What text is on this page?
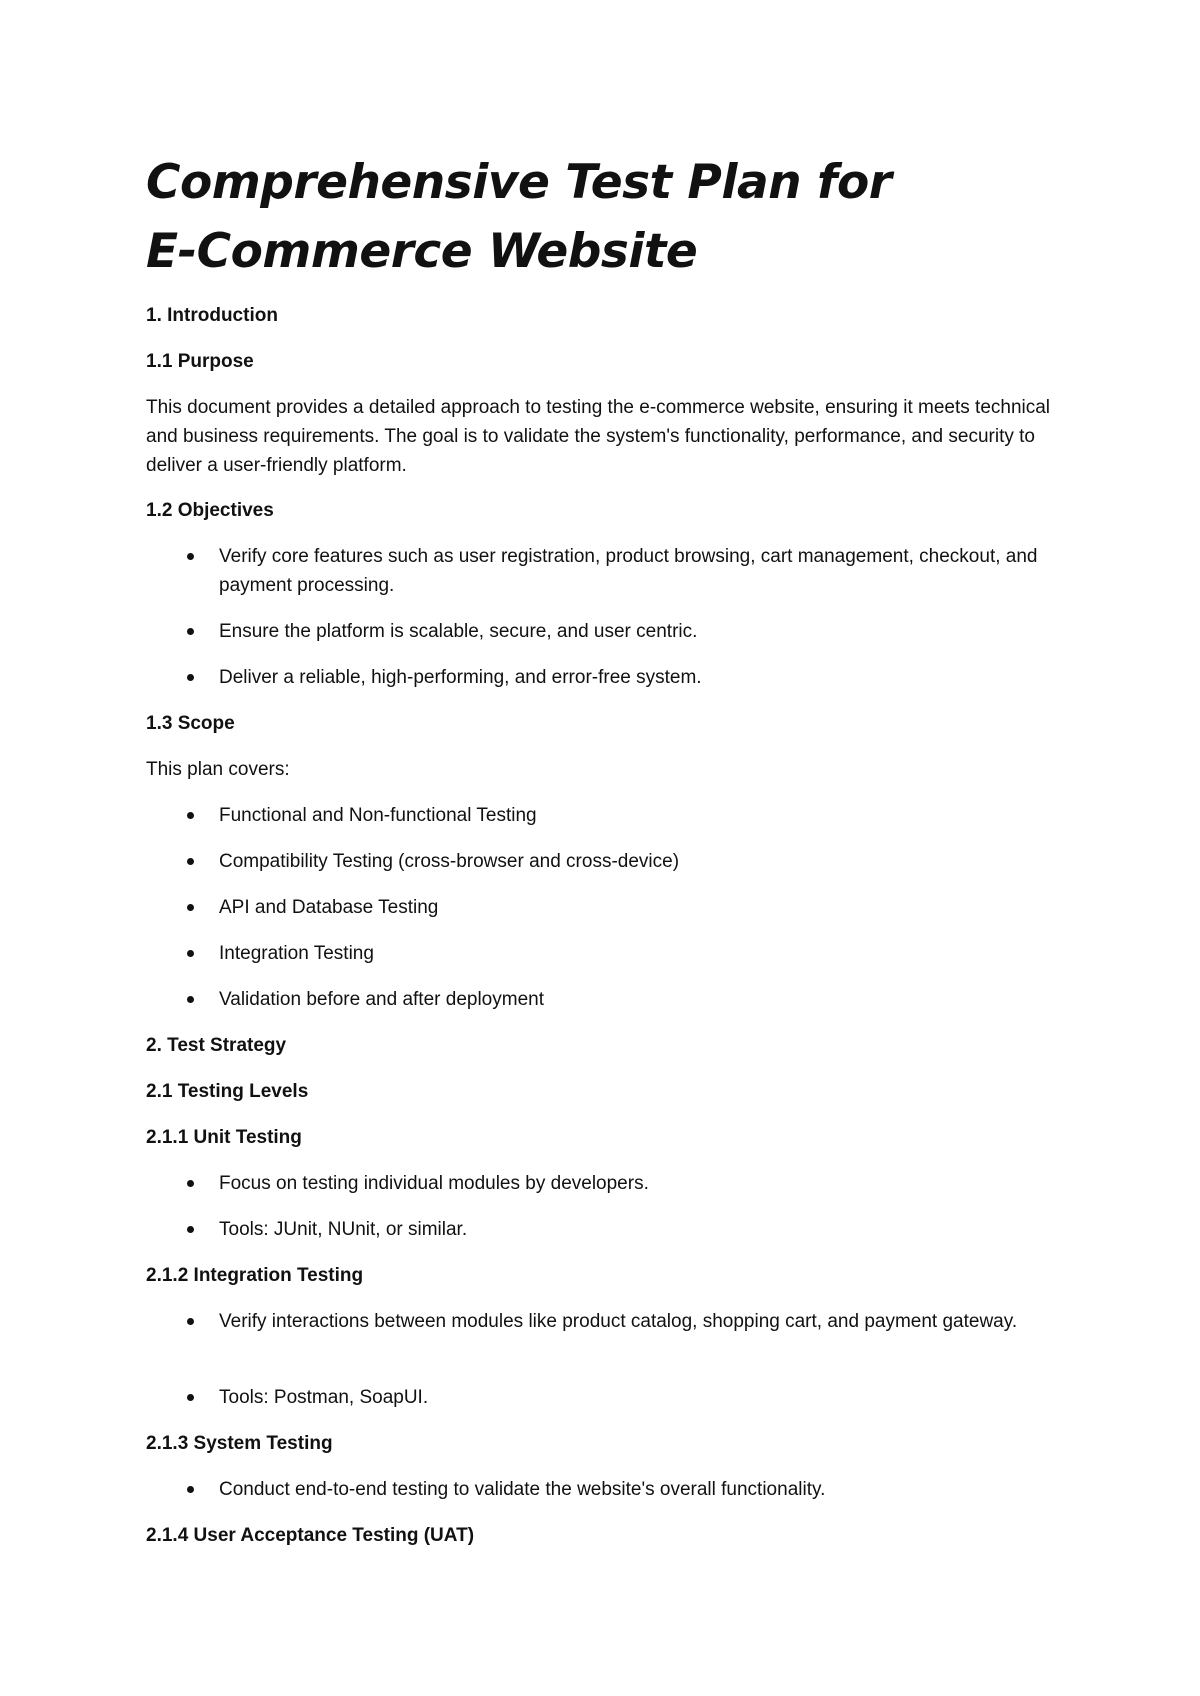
Comprehensive Test Plan for E-Commerce Website

1. Introduction

1.1 Purpose

This document provides a detailed approach to testing the e-commerce website, ensuring it meets technical and business requirements. The goal is to validate the system's functionality, performance, and security to deliver a user-friendly platform.

1.2 Objectives

Verify core features such as user registration, product browsing, cart management, checkout, and payment processing.
Ensure the platform is scalable, secure, and user centric.
Deliver a reliable, high-performing, and error-free system.

1.3 Scope

This plan covers:

Functional and Non-functional Testing
Compatibility Testing (cross-browser and cross-device)
API and Database Testing
Integration Testing
Validation before and after deployment

2. Test Strategy

2.1 Testing Levels

2.1.1 Unit Testing

Focus on testing individual modules by developers.
Tools: JUnit, NUnit, or similar.

2.1.2 Integration Testing

Verify interactions between modules like product catalog, shopping cart, and payment gateway.
Tools: Postman, SoapUI.

2.1.3 System Testing

Conduct end-to-end testing to validate the website's overall functionality.

2.1.4 User Acceptance Testing (UAT)
